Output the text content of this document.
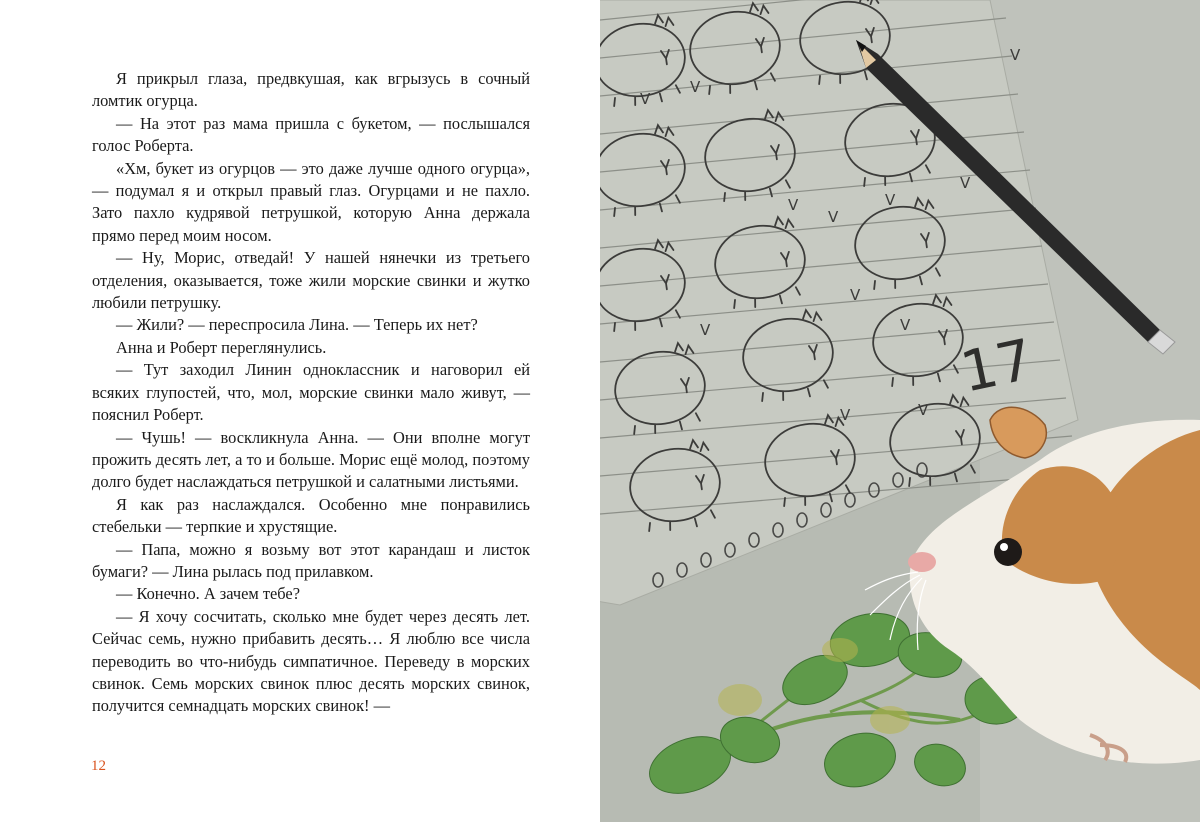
Я прикрыл глаза, предвкушая, как вгрызусь в сочный ломтик огурца.

— На этот раз мама пришла с букетом, — послышался голос Роберта.

«Хм, букет из огурцов — это даже лучше одного огурца», — подумал я и открыл правый глаз. Огурцами и не пахло. Зато пахло кудрявой петрушкой, которую Анна держала прямо перед моим носом.

— Ну, Морис, отведай! У нашей нянечки из третьего отделения, оказывается, тоже жили морские свинки и жутко любили петрушку.

— Жили? — переспросила Лина. — Теперь их нет?

Анна и Роберт переглянулись.

— Тут заходил Линин одноклассник и наговорил ей всяких глупостей, что, мол, морские свинки мало живут, — пояснил Роберт.

— Чушь! — воскликнула Анна. — Они вполне могут прожить десять лет, а то и больше. Морис ещё молод, поэтому долго будет наслаждаться петрушкой и салатными листьями.

Я как раз наслаждался. Особенно мне понравились стебельки — терпкие и хрустящие.

— Папа, можно я возьму вот этот карандаш и листок бумаги? — Лина рылась под прилавком.

— Конечно. А зачем тебе?

— Я хочу сосчитать, сколько мне будет через десять лет. Сейчас семь, нужно прибавить десять… Я люблю все числа переводить во что-нибудь симпатичное. Переведу в морских свинок. Семь морских свинок плюс десять морских свинок, получится семнадцать морских свинок! —

12
V
V
V
V
V
V
V
V
V	V
V
V
17
